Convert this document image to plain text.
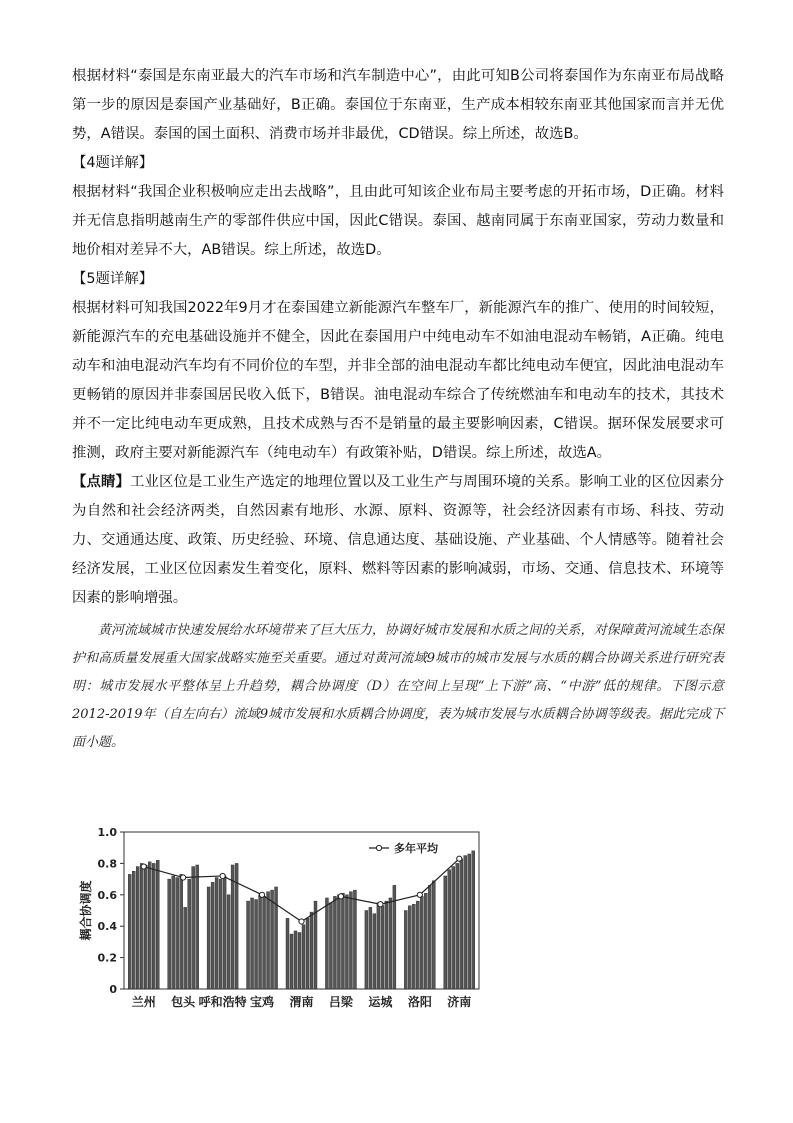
根据材料“泰国是东南亚最大的汽车市场和汽车制造中心”，由此可知B公司将泰国作为东南亚布局战略第一步的原因是泰国产业基础好，B正确。泰国位于东南亚，生产成本相较东南亚其他国家而言并无优势，A错误。泰国的国土面积、消费市场并非最优，CD错误。综上所述，故选B。

【4题详解】

根据材料“我国企业积极响应走出去战略”，且由此可知该企业布局主要考虑的开拓市场，D正确。材料并无信息指明越南生产的零部件供应中国，因此C错误。泰国、越南同属于东南亚国家，劳动力数量和地价相对差异不大，AB错误。综上所述，故选D。

【5题详解】

根据材料可知我国2022年9月才在泰国建立新能源汽车整车厂，新能源汽车的推广、使用的时间较短，新能源汽车的充电基础设施并不健全，因此在泰国用户中纯电动车不如油电混动车畅销，A正确。纯电动车和油电混动汽车均有不同价位的车型，并非全部的油电混动车都比纯电动车便宜，因此油电混动车更畅销的原因并非泰国居民收入低下，B错误。油电混动车综合了传统燃油车和电动车的技术，其技术并不一定比纯电动车更成熟，且技术成熟与否不是销量的最主要影响因素，C错误。据环保发展要求可推测，政府主要对新能源汽车（纯电动车）有政策补贴，D错误。综上所述，故选A。

【点睛】工业区位是工业生产选定的地理位置以及工业生产与周围环境的关系。影响工业的区位因素分为自然和社会经济两类，自然因素有地形、水源、原料、资源等，社会经济因素有市场、科技、劳动力、交通通达度、政策、历史经验、环境、信息通达度、基础设施、产业基础、个人情感等。随着社会经济发展，工业区位因素发生着变化，原料、燃料等因素的影响减弱，市场、交通、信息技术、环境等因素的影响增强。

黄河流域城市快速发展给水环境带来了巨大压力，协调好城市发展和水质之间的关系，对保障黄河流域生态保护和高质量发展重大国家战略实施至关重要。通过对黄河流域9城市的城市发展与水质的耦合协调关系进行研究表明：城市发展水平整体呈上升趋势，耦合协调度（D）在空间上呈现“上下游”高、“中游”低的规律。下图示意2012-2019年（自左向右）流域9城市发展和水质耦合协调度，表为城市发展与水质耦合协调等级表。据此完成下面小题。

0
0.2
0.4
0.6
0.8
1.0
耦合协调度
兰州 包头 呼和浩特 宝鸡 渭南 吕梁 运城 洛阳 济南
多年平均
